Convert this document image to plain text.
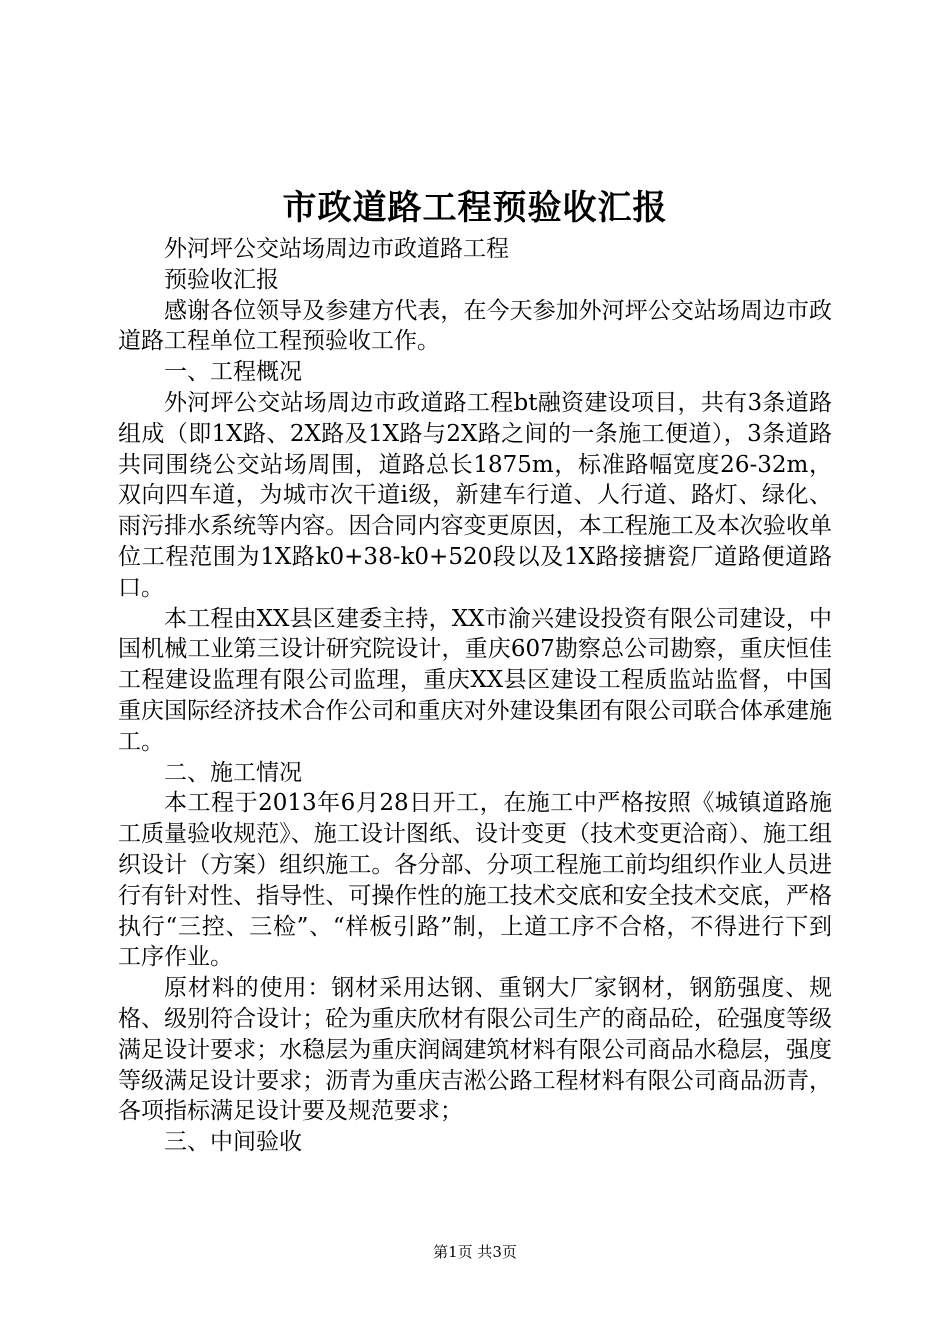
市政道路工程预验收汇报

外河坪公交站场周边市政道路工程

预验收汇报

感谢各位领导及参建方代表，在今天参加外河坪公交站场周边市政道路工程单位工程预验收工作。

一、工程概况

外河坪公交站场周边市政道路工程bt融资建设项目，共有3条道路组成（即1X路、2X路及1X路与2X路之间的一条施工便道），3条道路共同围绕公交站场周围，道路总长1875m，标准路幅宽度26-32m，双向四车道，为城市次干道i级，新建车行道、人行道、路灯、绿化、雨污排水系统等内容。因合同内容变更原因，本工程施工及本次验收单位工程范围为1X路k0+38-k0+520段以及1X路接搪瓷厂道路便道路口。

本工程由XX县区建委主持，XX市渝兴建设投资有限公司建设，中国机械工业第三设计研究院设计，重庆607勘察总公司勘察，重庆恒佳工程建设监理有限公司监理，重庆XX县区建设工程质监站监督，中国重庆国际经济技术合作公司和重庆对外建设集团有限公司联合体承建施工。

二、施工情况

本工程于2013年6月28日开工，在施工中严格按照《城镇道路施工质量验收规范》、施工设计图纸、设计变更（技术变更洽商）、施工组织设计（方案）组织施工。各分部、分项工程施工前均组织作业人员进行有针对性、指导性、可操作性的施工技术交底和安全技术交底，严格执行“三控、三检”、“样板引路”制，上道工序不合格，不得进行下到工序作业。

原材料的使用：钢材采用达钢、重钢大厂家钢材，钢筋强度、规格、级别符合设计；砼为重庆欣材有限公司生产的商品砼，砼强度等级满足设计要求；水稳层为重庆润阔建筑材料有限公司商品水稳层，强度等级满足设计要求；沥青为重庆吉淞公路工程材料有限公司商品沥青，各项指标满足设计要及规范要求；

三、中间验收

第1页 共3页
